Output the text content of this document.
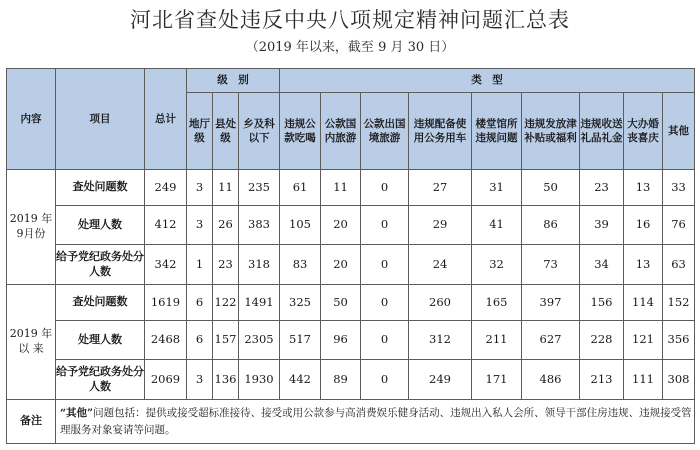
河北省查处违反中央八项规定精神问题汇总表
（2019 年以来，截至 9 月 30 日）
内容	项目	总计	级　别			类　型								
			地厅级	县处级	乡及科以下	违规公款吃喝	公款国内旅游	公款出国境旅游	违规配备使用公务用车	楼堂馆所违规问题	违规发放津补贴或福利	违规收送礼品礼金	大办婚丧喜庆	其他
2019 年 9月份	查处问题数	249	3	11	235	61	11	0	27	31	50	23	13	33
	处理人数	412	3	26	383	105	20	0	29	41	86	39	16	76
	给予党纪政务处分人数	342	1	23	318	83	20	0	24	32	73	34	13	63
2019 年 以 来	查处问题数	1619	6	122	1491	325	50	0	260	165	397	156	114	152
	处理人数	2468	6	157	2305	517	96	0	312	211	627	228	121	356
	给予党纪政务处分人数	2069	3	136	1930	442	89	0	249	171	486	213	111	308
备注	“其他”问题包括：提供或接受超标准接待、接受或用公款参与高消费娱乐健身活动、违规出入私人会所、领导干部住房违规、违规接受管理服务对象宴请等问题。													
